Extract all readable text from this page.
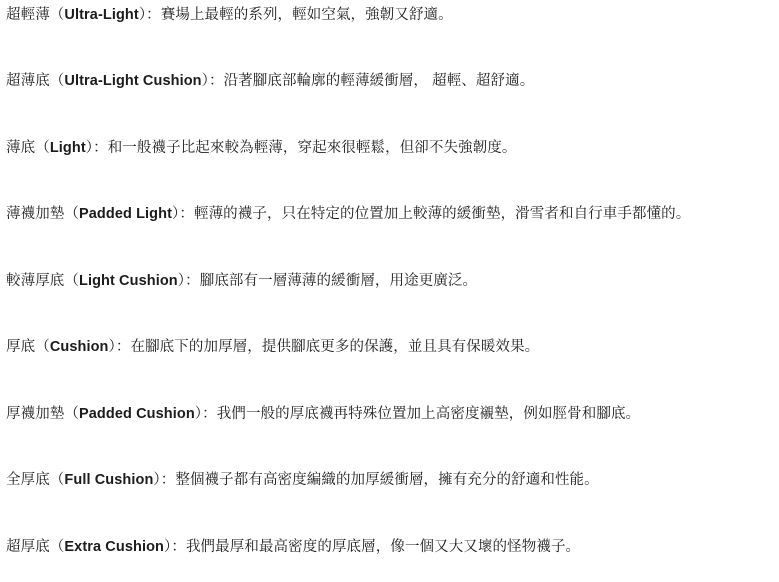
超輕薄（Ultra-Light）：賽場上最輕的系列，輕如空氣，強韌又舒適。

超薄底（Ultra-Light Cushion）：沿著腳底部輪廓的輕薄緩衝層， 超輕、超舒適。

薄底（Light）：和一般襪子比起來較為輕薄，穿起來很輕鬆，但卻不失強韌度。

薄襪加墊（Padded Light）：輕薄的襪子，只在特定的位置加上較薄的緩衝墊，滑雪者和自行車手都懂的。

較薄厚底（Light Cushion）：腳底部有一層薄薄的緩衝層，用途更廣泛。

厚底（Cushion）：在腳底下的加厚層，提供腳底更多的保護，並且具有保暖效果。

厚襪加墊（Padded Cushion）：我們一般的厚底襪再特殊位置加上高密度襯墊，例如脛骨和腳底。

全厚底（Full Cushion）：整個襪子都有高密度編織的加厚緩衝層，擁有充分的舒適和性能。

超厚底（Extra Cushion）：我們最厚和最高密度的厚底層，像一個又大又壞的怪物襪子。
